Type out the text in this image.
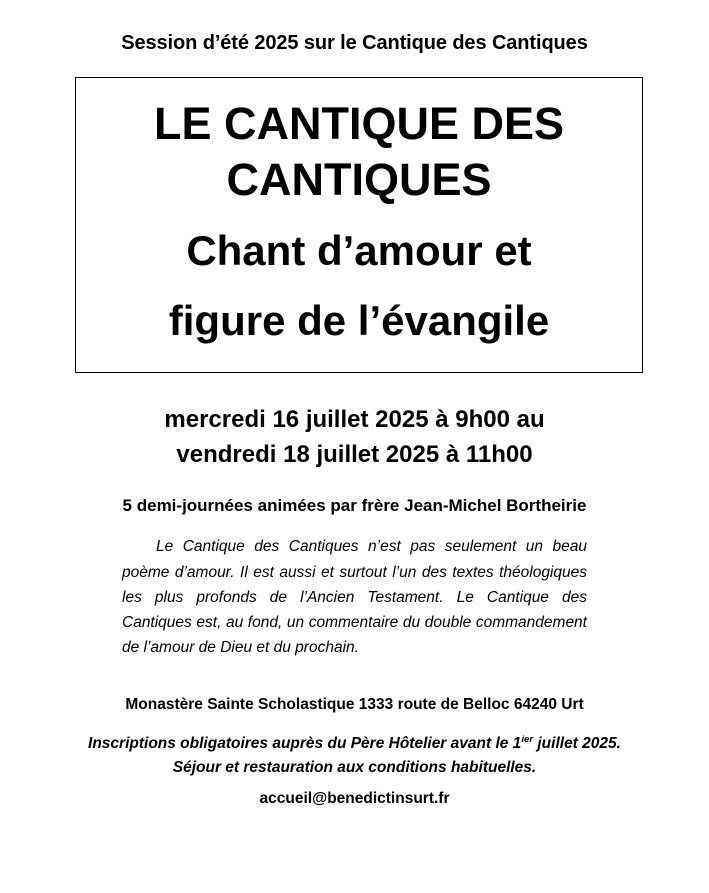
Session d’été 2025 sur le Cantique des Cantiques
LE CANTIQUE DES
CANTIQUES
Chant d’amour et
figure de l’évangile
mercredi 16 juillet 2025 à 9h00 au
vendredi 18 juillet 2025 à 11h00
5 demi-journées animées par frère Jean-Michel Bortheirie
Le Cantique des Cantiques n’est pas seulement un beau poème d’amour. Il est aussi et surtout l’un des textes théologiques les plus profonds de l’Ancien Testament. Le Cantique des Cantiques est, au fond, un commentaire du double commandement de l’amour de Dieu et du prochain.
Monastère Sainte Scholastique 1333 route de Belloc 64240 Urt
Inscriptions obligatoires auprès du Père Hôtelier avant le $1^{ier}$ juillet 2025.
Séjour et restauration aux conditions habituelles.
accueil@benedictinsurt.fr
